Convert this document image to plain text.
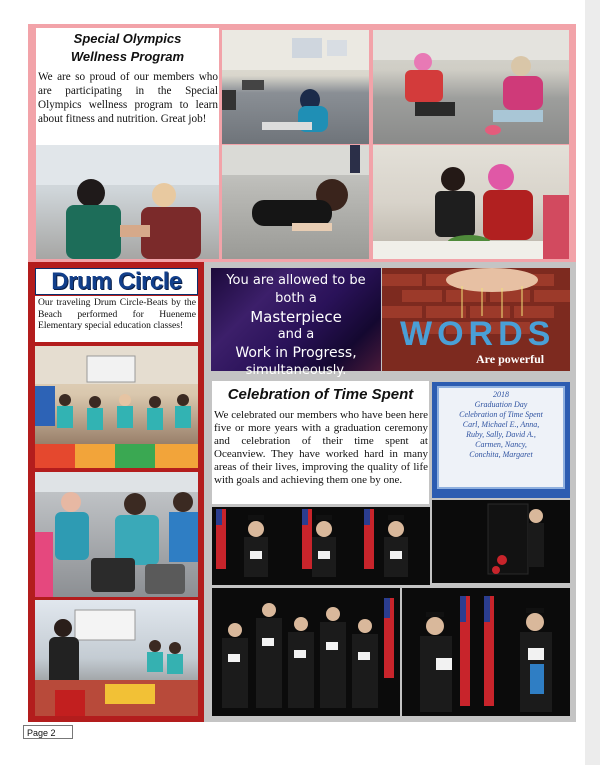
Special Olympics
Wellness Program
We are so proud of our members who are participating in the Special Olympics wellness program to learn about fitness and nutrition. Great job!
Drum Circle
Our traveling Drum Circle-Beats by the Beach performed for Hueneme Elementary special education classes!
You are allowed to be
both a
Masterpiece
and a
Work in Progress,
simultaneously.
WORDS
Are powerful
Celebration of Time Spent
We celebrated our members who have been here five or more years with a graduation ceremony and celebration of their time spent at Oceanview. They have worked hard in many areas of their lives, improving the quality of life with goals and achieving them one by one.
2018
Graduation Day
Celebration of Time Spent
Carl, Michael E., Anna,
Ruby, Sally, David A.,
Carmen, Nancy,
Conchita, Margaret
Page 2
